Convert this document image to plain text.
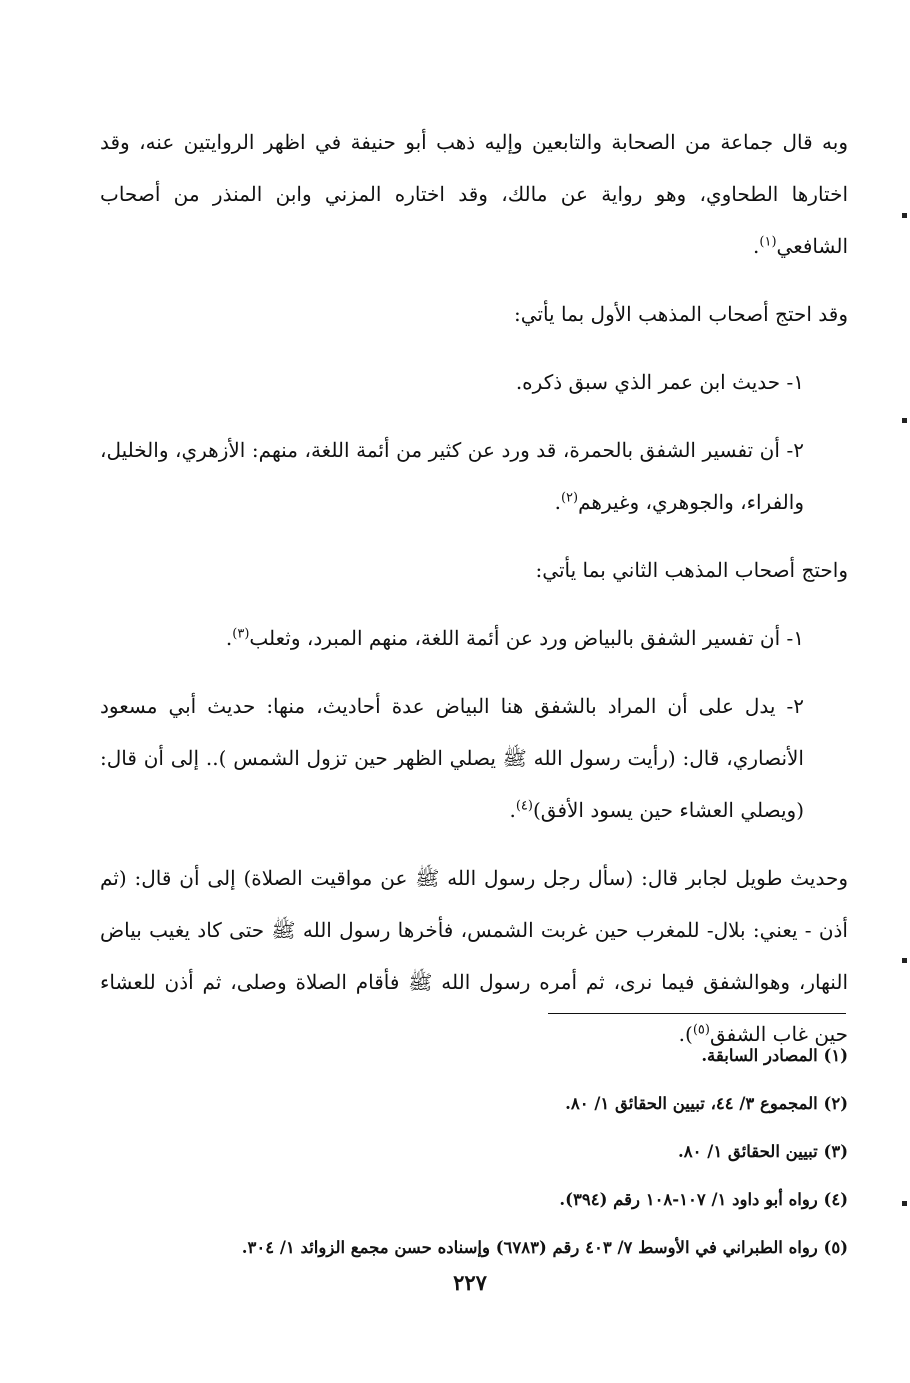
وبه قال جماعة من الصحابة والتابعين وإليه ذهب أبو حنيفة في اظهر الروايتين عنه، وقد اختارها الطحاوي، وهو رواية عن مالك، وقد اختاره المزني وابن المنذر من أصحاب الشافعي$^{(١)}$.

وقد احتج أصحاب المذهب الأول بما يأتي:

١- حديث ابن عمر الذي سبق ذكره.

٢- أن تفسير الشفق بالحمرة، قد ورد عن كثير من أئمة اللغة، منهم: الأزهري، والخليل، والفراء، والجوهري، وغيرهم$^{(٢)}$.

واحتج أصحاب المذهب الثاني بما يأتي:

١- أن تفسير الشفق بالبياض ورد عن أئمة اللغة، منهم المبرد، وثعلب$^{(٣)}$.

٢- يدل على أن المراد بالشفق هنا البياض عدة أحاديث، منها: حديث أبي مسعود الأنصاري، قال: (رأيت رسول الله ﷺ يصلي الظهر حين تزول الشمس ).. إلى أن قال: (ويصلي العشاء حين يسود الأفق)$^{(٤)}$.

وحديث طويل لجابر قال: (سأل رجل رسول الله ﷺ عن مواقيت الصلاة) إلى أن قال: (ثم أذن - يعني: بلال- للمغرب حين غربت الشمس، فأخرها رسول الله ﷺ حتى كاد يغيب بياض النهار، وهوالشفق فيما نرى، ثم أمره رسول الله ﷺ فأقام الصلاة وصلى، ثم أذن للعشاء حين غاب الشفق$^{(٥)}$).

(١) المصادر السابقة.

(٢) المجموع ٣/ ٤٤، تبيين الحقائق ١/ ٨٠.

(٣) تبيين الحقائق ١/ ٨٠.

(٤) رواه أبو داود ١/ ١٠٧-١٠٨ رقم (٣٩٤).

(٥) رواه الطبراني في الأوسط ٧/ ٤٠٣ رقم (٦٧٨٣) وإسناده حسن مجمع الزوائد ١/ ٣٠٤.

٢٢٧
